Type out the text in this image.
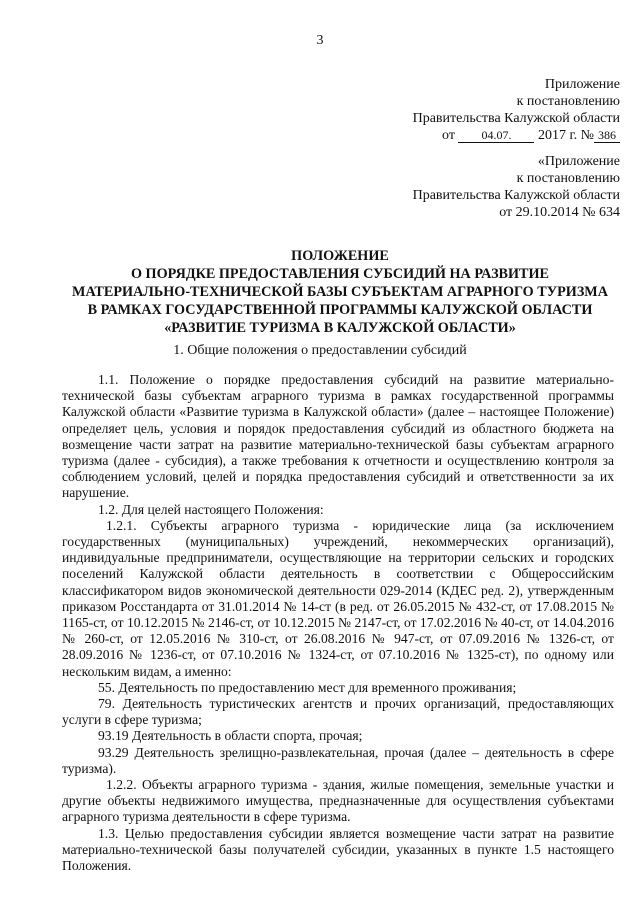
3
Приложение
к постановлению
Правительства Калужской области
от 04.07. 2017 г. № 386
«Приложение
к постановлению
Правительства Калужской области
от 29.10.2014 № 634
ПОЛОЖЕНИЕ
О ПОРЯДКЕ ПРЕДОСТАВЛЕНИЯ СУБСИДИЙ НА РАЗВИТИЕ
МАТЕРИАЛЬНО-ТЕХНИЧЕСКОЙ БАЗЫ СУБЪЕКТАМ АГРАРНОГО ТУРИЗМА
В РАМКАХ ГОСУДАРСТВЕННОЙ ПРОГРАММЫ КАЛУЖСКОЙ ОБЛАСТИ
«РАЗВИТИЕ ТУРИЗМА В КАЛУЖСКОЙ ОБЛАСТИ»
1. Общие положения о предоставлении субсидий

1.1. Положение о порядке предоставления субсидий на развитие материально-технической базы субъектам аграрного туризма в рамках государственной программы Калужской области «Развитие туризма в Калужской области» (далее – настоящее Положение) определяет цель, условия и порядок предоставления субсидий из областного бюджета на возмещение части затрат на развитие материально-технической базы субъектам аграрного туризма (далее - субсидия), а также требования к отчетности и осуществлению контроля за соблюдением условий, целей и порядка предоставления субсидий и ответственности за их нарушение.

1.2. Для целей настоящего Положения:

1.2.1. Субъекты аграрного туризма - юридические лица (за исключением государственных (муниципальных) учреждений, некоммерческих организаций), индивидуальные предприниматели, осуществляющие на территории сельских и городских поселений Калужской области деятельность в соответствии с Общероссийским классификатором видов экономической деятельности 029-2014 (КДЕС ред. 2), утвержденным приказом Росстандарта от 31.01.2014 № 14-ст (в ред. от 26.05.2015 № 432-ст, от 17.08.2015 № 1165-ст, от 10.12.2015 № 2146-ст, от 10.12.2015 № 2147-ст, от 17.02.2016 № 40-ст, от 14.04.2016 № 260-ст, от 12.05.2016 № 310-ст, от 26.08.2016 № 947-ст, от 07.09.2016 № 1326-ст, от 28.09.2016 № 1236-ст, от 07.10.2016 № 1324-ст, от 07.10.2016 № 1325-ст), по одному или нескольким видам, а именно:

55. Деятельность по предоставлению мест для временного проживания;

79. Деятельность туристических агентств и прочих организаций, предоставляющих услуги в сфере туризма;

93.19 Деятельность в области спорта, прочая;

93.29 Деятельность зрелищно-развлекательная, прочая (далее – деятельность в сфере туризма).

1.2.2. Объекты аграрного туризма - здания, жилые помещения, земельные участки и другие объекты недвижимого имущества, предназначенные для осуществления субъектами аграрного туризма деятельности в сфере туризма.

1.3. Целью предоставления субсидии является возмещение части затрат на развитие материально-технической базы получателей субсидии, указанных в пункте 1.5 настоящего Положения.
